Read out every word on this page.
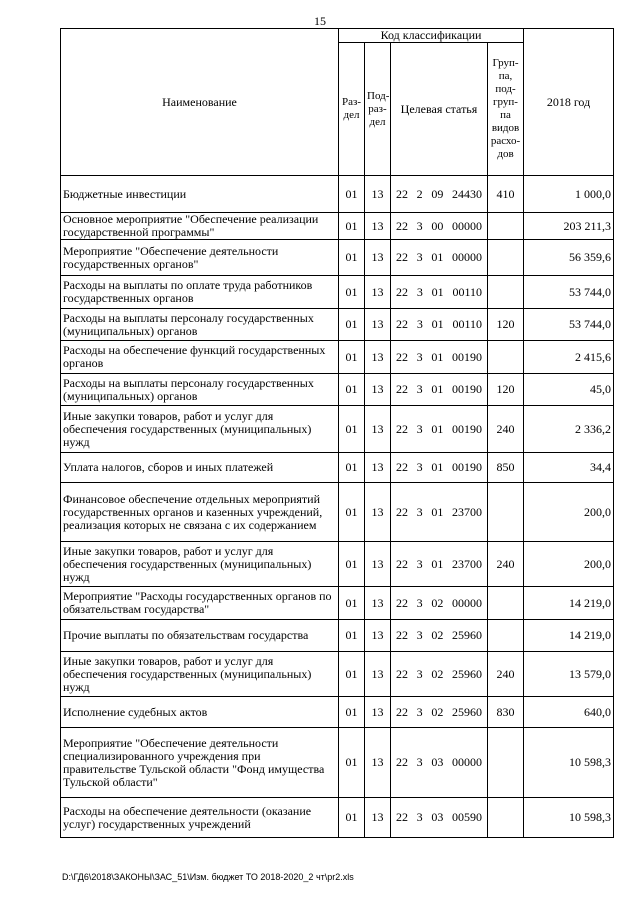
15
Наименование	Код классификации				2018 год
	Раз-дел	Под-раз-дел	Целевая статья	Груп-па, под-груп-па видов расхо-дов	
Бюджетные инвестиции	01	13	22 2 09 24430	410	1 000,0
Основное мероприятие "Обеспечение реализации государственной программы"	01	13	22 3 00 00000		203 211,3
Мероприятие "Обеспечение деятельности государственных органов"	01	13	22 3 01 00000		56 359,6
Расходы на выплаты по оплате труда работников государственных органов	01	13	22 3 01 00110		53 744,0
Расходы на выплаты персоналу государственных (муниципальных) органов	01	13	22 3 01 00110	120	53 744,0
Расходы на обеспечение функций государственных органов	01	13	22 3 01 00190		2 415,6
Расходы на выплаты персоналу государственных (муниципальных) органов	01	13	22 3 01 00190	120	45,0
Иные закупки товаров, работ и услуг для обеспечения государственных (муниципальных) нужд	01	13	22 3 01 00190	240	2 336,2
Уплата налогов, сборов и иных платежей	01	13	22 3 01 00190	850	34,4
Финансовое обеспечение отдельных мероприятий государственных органов и казенных учреждений, реализация которых не связана с их содержанием	01	13	22 3 01 23700		200,0
Иные закупки товаров, работ и услуг для обеспечения государственных (муниципальных) нужд	01	13	22 3 01 23700	240	200,0
Мероприятие "Расходы государственных органов по обязательствам государства"	01	13	22 3 02 00000		14 219,0
Прочие выплаты по обязательствам государства	01	13	22 3 02 25960		14 219,0
Иные закупки товаров, работ и услуг для обеспечения государственных (муниципальных) нужд	01	13	22 3 02 25960	240	13 579,0
Исполнение судебных актов	01	13	22 3 02 25960	830	640,0
Мероприятие "Обеспечение деятельности специализированного учреждения при правительстве Тульской области "Фонд имущества Тульской области"	01	13	22 3 03 00000		10 598,3
Расходы на обеспечение деятельности (оказание услуг) государственных учреждений	01	13	22 3 03 00590		10 598,3
D:\ГД6\2018\ЗАКОНЫ\ЗАС_51\Изм. бюджет ТО 2018-2020_2 чт\pr2.xls
